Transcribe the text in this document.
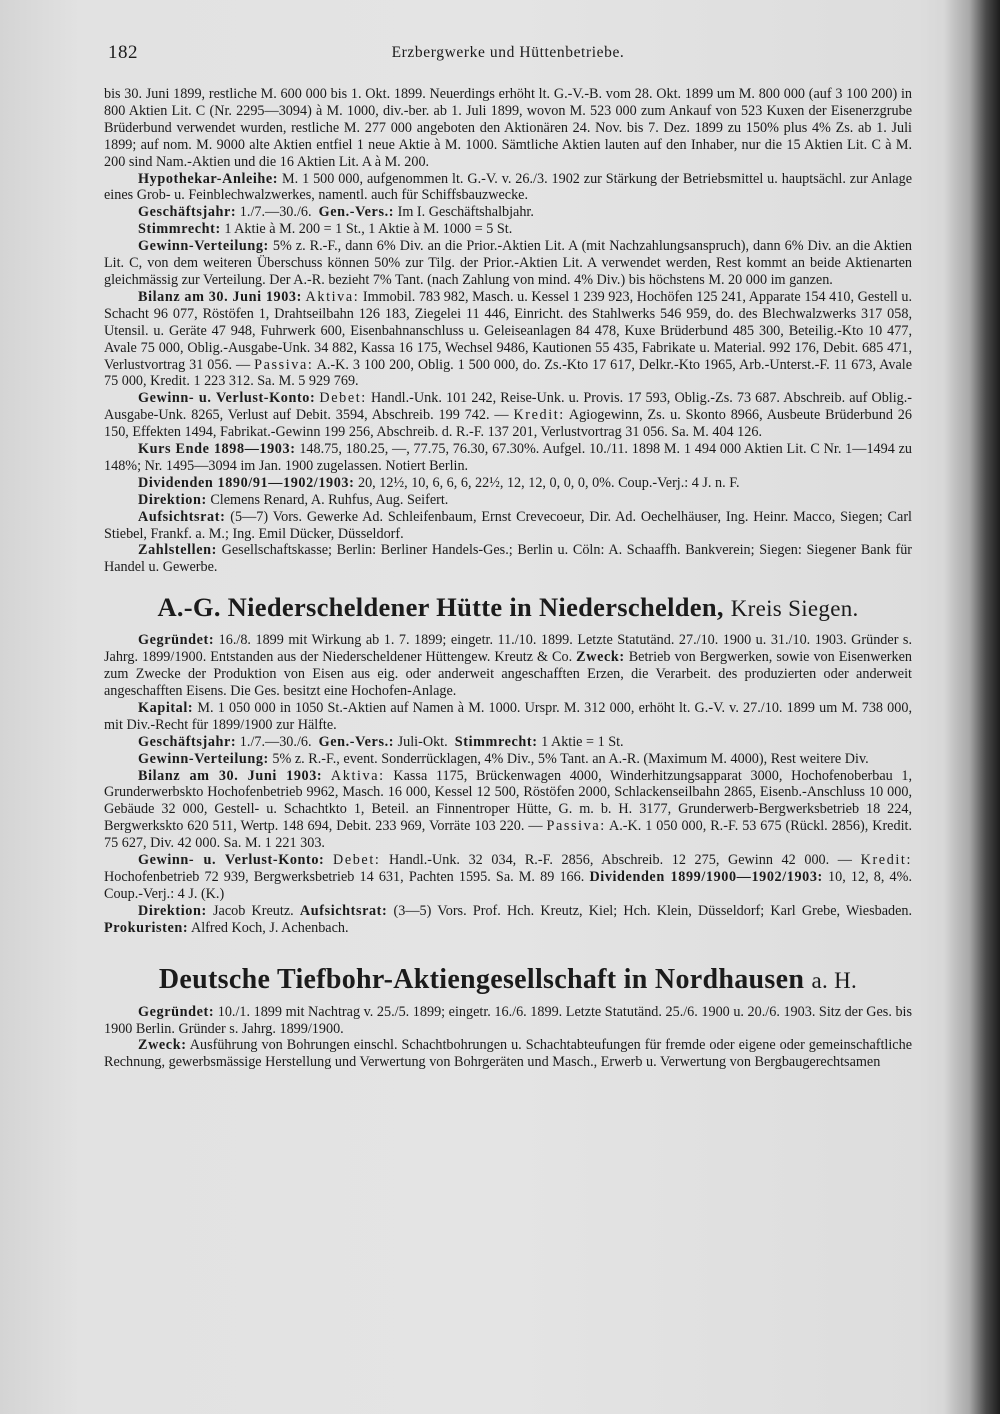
182	Erzbergwerke und Hüttenbetriebe.

bis 30. Juni 1899, restliche M. 600 000 bis 1. Okt. 1899. Neuerdings erhöht lt. G.-V.-B. vom 28. Okt. 1899 um M. 800 000 (auf 3 100 200) in 800 Aktien Lit. C (Nr. 2295—3094) à M. 1000, div.-ber. ab 1. Juli 1899, wovon M. 523 000 zum Ankauf von 523 Kuxen der Eisenerzgrube Brüderbund verwendet wurden, restliche M. 277 000 angeboten den Aktionären 24. Nov. bis 7. Dez. 1899 zu 150% plus 4% Zs. ab 1. Juli 1899; auf nom. M. 9000 alte Aktien entfiel 1 neue Aktie à M. 1000. Sämtliche Aktien lauten auf den Inhaber, nur die 15 Aktien Lit. C à M. 200 sind Nam.-Aktien und die 16 Aktien Lit. A à M. 200.

Hypothekar-Anleihe: M. 1 500 000, aufgenommen lt. G.-V. v. 26./3. 1902 zur Stärkung der Betriebsmittel u. hauptsächl. zur Anlage eines Grob- u. Feinblechwalzwerkes, namentl. auch für Schiffsbauzwecke.

Geschäftsjahr: 1./7.—30./6. Gen.-Vers.: Im I. Geschäftshalbjahr.

Stimmrecht: 1 Aktie à M. 200 = 1 St., 1 Aktie à M. 1000 = 5 St.

Gewinn-Verteilung: 5% z. R.-F., dann 6% Div. an die Prior.-Aktien Lit. A (mit Nachzahlungsanspruch), dann 6% Div. an die Aktien Lit. C, von dem weiteren Überschuss können 50% zur Tilg. der Prior.-Aktien Lit. A verwendet werden, Rest kommt an beide Aktienarten gleichmässig zur Verteilung. Der A.-R. bezieht 7% Tant. (nach Zahlung von mind. 4% Div.) bis höchstens M. 20 000 im ganzen.

Bilanz am 30. Juni 1903: Aktiva: Immobil. 783 982, Masch. u. Kessel 1 239 923, Hochöfen 125 241, Apparate 154 410, Gestell u. Schacht 96 077, Röstöfen 1, Drahtseilbahn 126 183, Ziegelei 11 446, Einricht. des Stahlwerks 546 959, do. des Blechwalzwerks 317 058, Utensil. u. Geräte 47 948, Fuhrwerk 600, Eisenbahnanschluss u. Geleiseanlagen 84 478, Kuxe Brüderbund 485 300, Beteilig.-Kto 10 477, Avale 75 000, Oblig.-Ausgabe-Unk. 34 882, Kassa 16 175, Wechsel 9486, Kautionen 55 435, Fabrikate u. Material. 992 176, Debit. 685 471, Verlustvortrag 31 056. — Passiva: A.-K. 3 100 200, Oblig. 1 500 000, do. Zs.-Kto 17 617, Delkr.-Kto 1965, Arb.-Unterst.-F. 11 673, Avale 75 000, Kredit. 1 223 312. Sa. M. 5 929 769.

Gewinn- u. Verlust-Konto: Debet: Handl.-Unk. 101 242, Reise-Unk. u. Provis. 17 593, Oblig.-Zs. 73 687. Abschreib. auf Oblig.-Ausgabe-Unk. 8265, Verlust auf Debit. 3594, Abschreib. 199 742. — Kredit: Agiogewinn, Zs. u. Skonto 8966, Ausbeute Brüderbund 26 150, Effekten 1494, Fabrikat.-Gewinn 199 256, Abschreib. d. R.-F. 137 201, Verlustvortrag 31 056. Sa. M. 404 126.

Kurs Ende 1898—1903: 148.75, 180.25, —, 77.75, 76.30, 67.30%. Aufgel. 10./11. 1898 M. 1 494 000 Aktien Lit. C Nr. 1—1494 zu 148%; Nr. 1495—3094 im Jan. 1900 zugelassen. Notiert Berlin.

Dividenden 1890/91—1902/1903: 20, 12½, 10, 6, 6, 6, 22½, 12, 12, 0, 0, 0, 0%. Coup.-Verj.: 4 J. n. F.

Direktion: Clemens Renard, A. Ruhfus, Aug. Seifert.

Aufsichtsrat: (5—7) Vors. Gewerke Ad. Schleifenbaum, Ernst Crevecoeur, Dir. Ad. Oechelhäuser, Ing. Heinr. Macco, Siegen; Carl Stiebel, Frankf. a. M.; Ing. Emil Dücker, Düsseldorf.

Zahlstellen: Gesellschaftskasse; Berlin: Berliner Handels-Ges.; Berlin u. Cöln: A. Schaaffh. Bankverein; Siegen: Siegener Bank für Handel u. Gewerbe.

A.-G. Niederscheldener Hütte in Niederschelden, Kreis Siegen.

Gegründet: 16./8. 1899 mit Wirkung ab 1. 7. 1899; eingetr. 11./10. 1899. Letzte Statutänd. 27./10. 1900 u. 31./10. 1903. Gründer s. Jahrg. 1899/1900. Entstanden aus der Niederscheldener Hüttengew. Kreutz & Co. Zweck: Betrieb von Bergwerken, sowie von Eisenwerken zum Zwecke der Produktion von Eisen aus eig. oder anderweit angeschafften Erzen, die Verarbeit. des produzierten oder anderweit angeschafften Eisens. Die Ges. besitzt eine Hochofen-Anlage.

Kapital: M. 1 050 000 in 1050 St.-Aktien auf Namen à M. 1000. Urspr. M. 312 000, erhöht lt. G.-V. v. 27./10. 1899 um M. 738 000, mit Div.-Recht für 1899/1900 zur Hälfte.

Geschäftsjahr: 1./7.—30./6. Gen.-Vers.: Juli-Okt. Stimmrecht: 1 Aktie = 1 St.

Gewinn-Verteilung: 5% z. R.-F., event. Sonderrücklagen, 4% Div., 5% Tant. an A.-R. (Maximum M. 4000), Rest weitere Div.

Bilanz am 30. Juni 1903: Aktiva: Kassa 1175, Brückenwagen 4000, Winderhitzungsapparat 3000, Hochofenoberbau 1, Grunderwerbskto Hochofenbetrieb 9962, Masch. 16 000, Kessel 12 500, Röstöfen 2000, Schlackenseilbahn 2865, Eisenb.-Anschluss 10 000, Gebäude 32 000, Gestell- u. Schachtkto 1, Beteil. an Finnentroper Hütte, G. m. b. H. 3177, Grunderwerb-Bergwerksbetrieb 18 224, Bergwerkskto 620 511, Wertp. 148 694, Debit. 233 969, Vorräte 103 220. — Passiva: A.-K. 1 050 000, R.-F. 53 675 (Rückl. 2856), Kredit. 75 627, Div. 42 000. Sa. M. 1 221 303.

Gewinn- u. Verlust-Konto: Debet: Handl.-Unk. 32 034, R.-F. 2856, Abschreib. 12 275, Gewinn 42 000. — Kredit: Hochofenbetrieb 72 939, Bergwerksbetrieb 14 631, Pachten 1595. Sa. M. 89 166. Dividenden 1899/1900—1902/1903: 10, 12, 8, 4%. Coup.-Verj.: 4 J. (K.)

Direktion: Jacob Kreutz. Aufsichtsrat: (3—5) Vors. Prof. Hch. Kreutz, Kiel; Hch. Klein, Düsseldorf; Karl Grebe, Wiesbaden. Prokuristen: Alfred Koch, J. Achenbach.

Deutsche Tiefbohr-Aktiengesellschaft in Nordhausen a. H.

Gegründet: 10./1. 1899 mit Nachtrag v. 25./5. 1899; eingetr. 16./6. 1899. Letzte Statutänd. 25./6. 1900 u. 20./6. 1903. Sitz der Ges. bis 1900 Berlin. Gründer s. Jahrg. 1899/1900.

Zweck: Ausführung von Bohrungen einschl. Schachtbohrungen u. Schachtabteufungen für fremde oder eigene oder gemeinschaftliche Rechnung, gewerbsmässige Herstellung und Verwertung von Bohrgeräten und Masch., Erwerb u. Verwertung von Bergbaugerechtsamen
